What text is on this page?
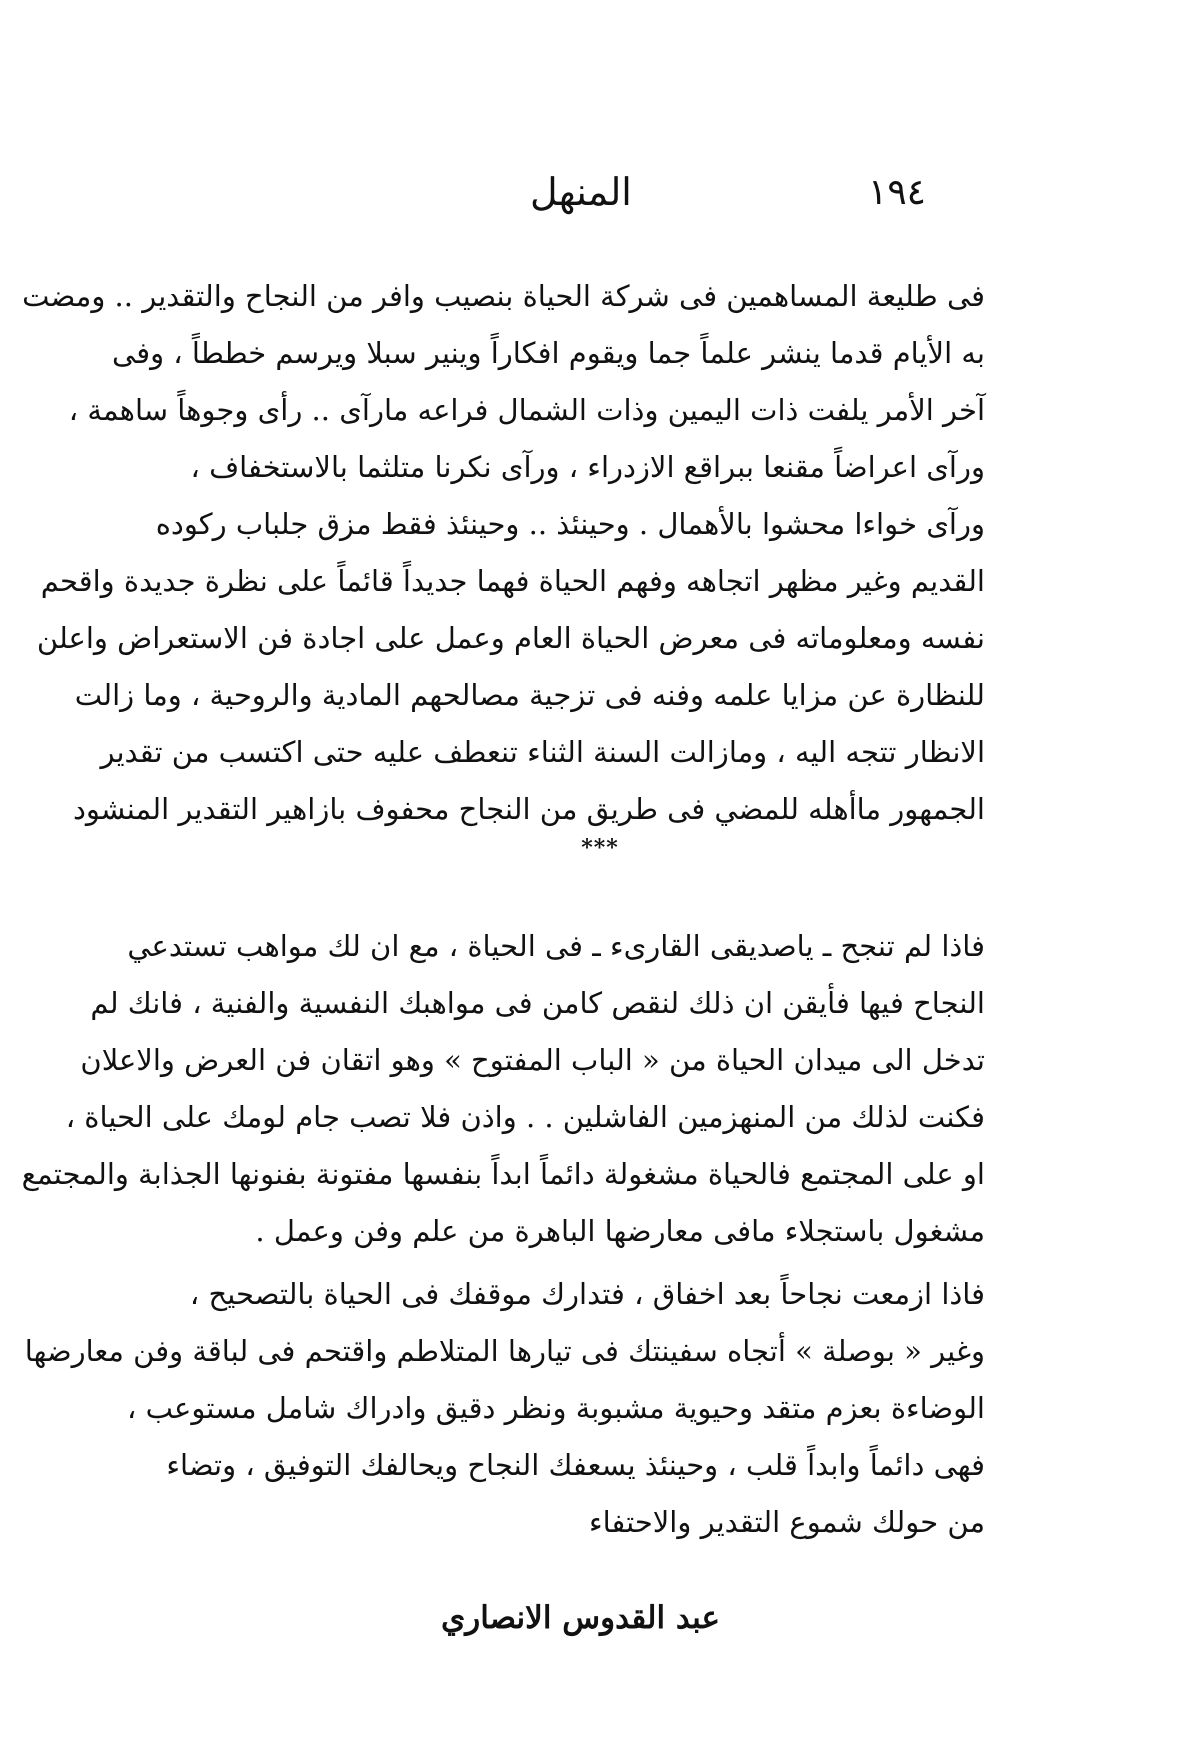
١٩٤
المنهل
فى طليعة المساهمين فى شركة الحياة بنصيب وافر من النجاح والتقدير .. ومضت
به الأيام قدما ينشر علماً جما ويقوم افكاراً وينير سبلا ويرسم خططاً ، وفى
آخر الأمر يلفت ذات اليمين وذات الشمال فراعه مارآى .. رأى وجوهاً ساهمة ،
ورآى اعراضاً مقنعا ببراقع الازدراء ، ورآى نكرنا متلثما بالاستخفاف ،
ورآى خواءا محشوا بالأهمال . وحينئذ .. وحينئذ فقط مزق جلباب ركوده
القديم وغير مظهر اتجاهه وفهم الحياة فهما جديداً قائماً على نظرة جديدة واقحم
نفسه ومعلوماته فى معرض الحياة العام وعمل على اجادة فن الاستعراض واعلن
للنظارة عن مزايا علمه وفنه فى تزجية مصالحهم المادية والروحية ، وما زالت
الانظار تتجه اليه ، ومازالت السنة الثناء تنعطف عليه حتى اكتسب من تقدير
الجمهور ماأهله للمضي فى طريق من النجاح محفوف بازاهير التقدير المنشود
***
فاذا لم تنجح ـ ياصديقى القارىء ـ فى الحياة ، مع ان لك مواهب تستدعي
النجاح فيها فأيقن ان ذلك لنقص كامن فى مواهبك النفسية والفنية ، فانك لم
تدخل الى ميدان الحياة من « الباب المفتوح » وهو اتقان فن العرض والاعلان
فكنت لذلك من المنهزمين الفاشلين . . واذن فلا تصب جام لومك على الحياة ،
او على المجتمع فالحياة مشغولة دائماً ابداً بنفسها مفتونة بفنونها الجذابة والمجتمع
مشغول باستجلاء مافى معارضها الباهرة من علم وفن وعمل .
فاذا ازمعت نجاحاً بعد اخفاق ، فتدارك موقفك فى الحياة بالتصحيح ،
وغير « بوصلة » أتجاه سفينتك فى تيارها المتلاطم واقتحم فى لباقة وفن معارضها
الوضاءة بعزم متقد وحيوية مشبوبة ونظر دقيق وادراك شامل مستوعب ،
فهى دائماً وابداً قلب ، وحينئذ يسعفك النجاح ويحالفك التوفيق ، وتضاء
من حولك شموع التقدير والاحتفاء
عبد القدوس الانصاري
